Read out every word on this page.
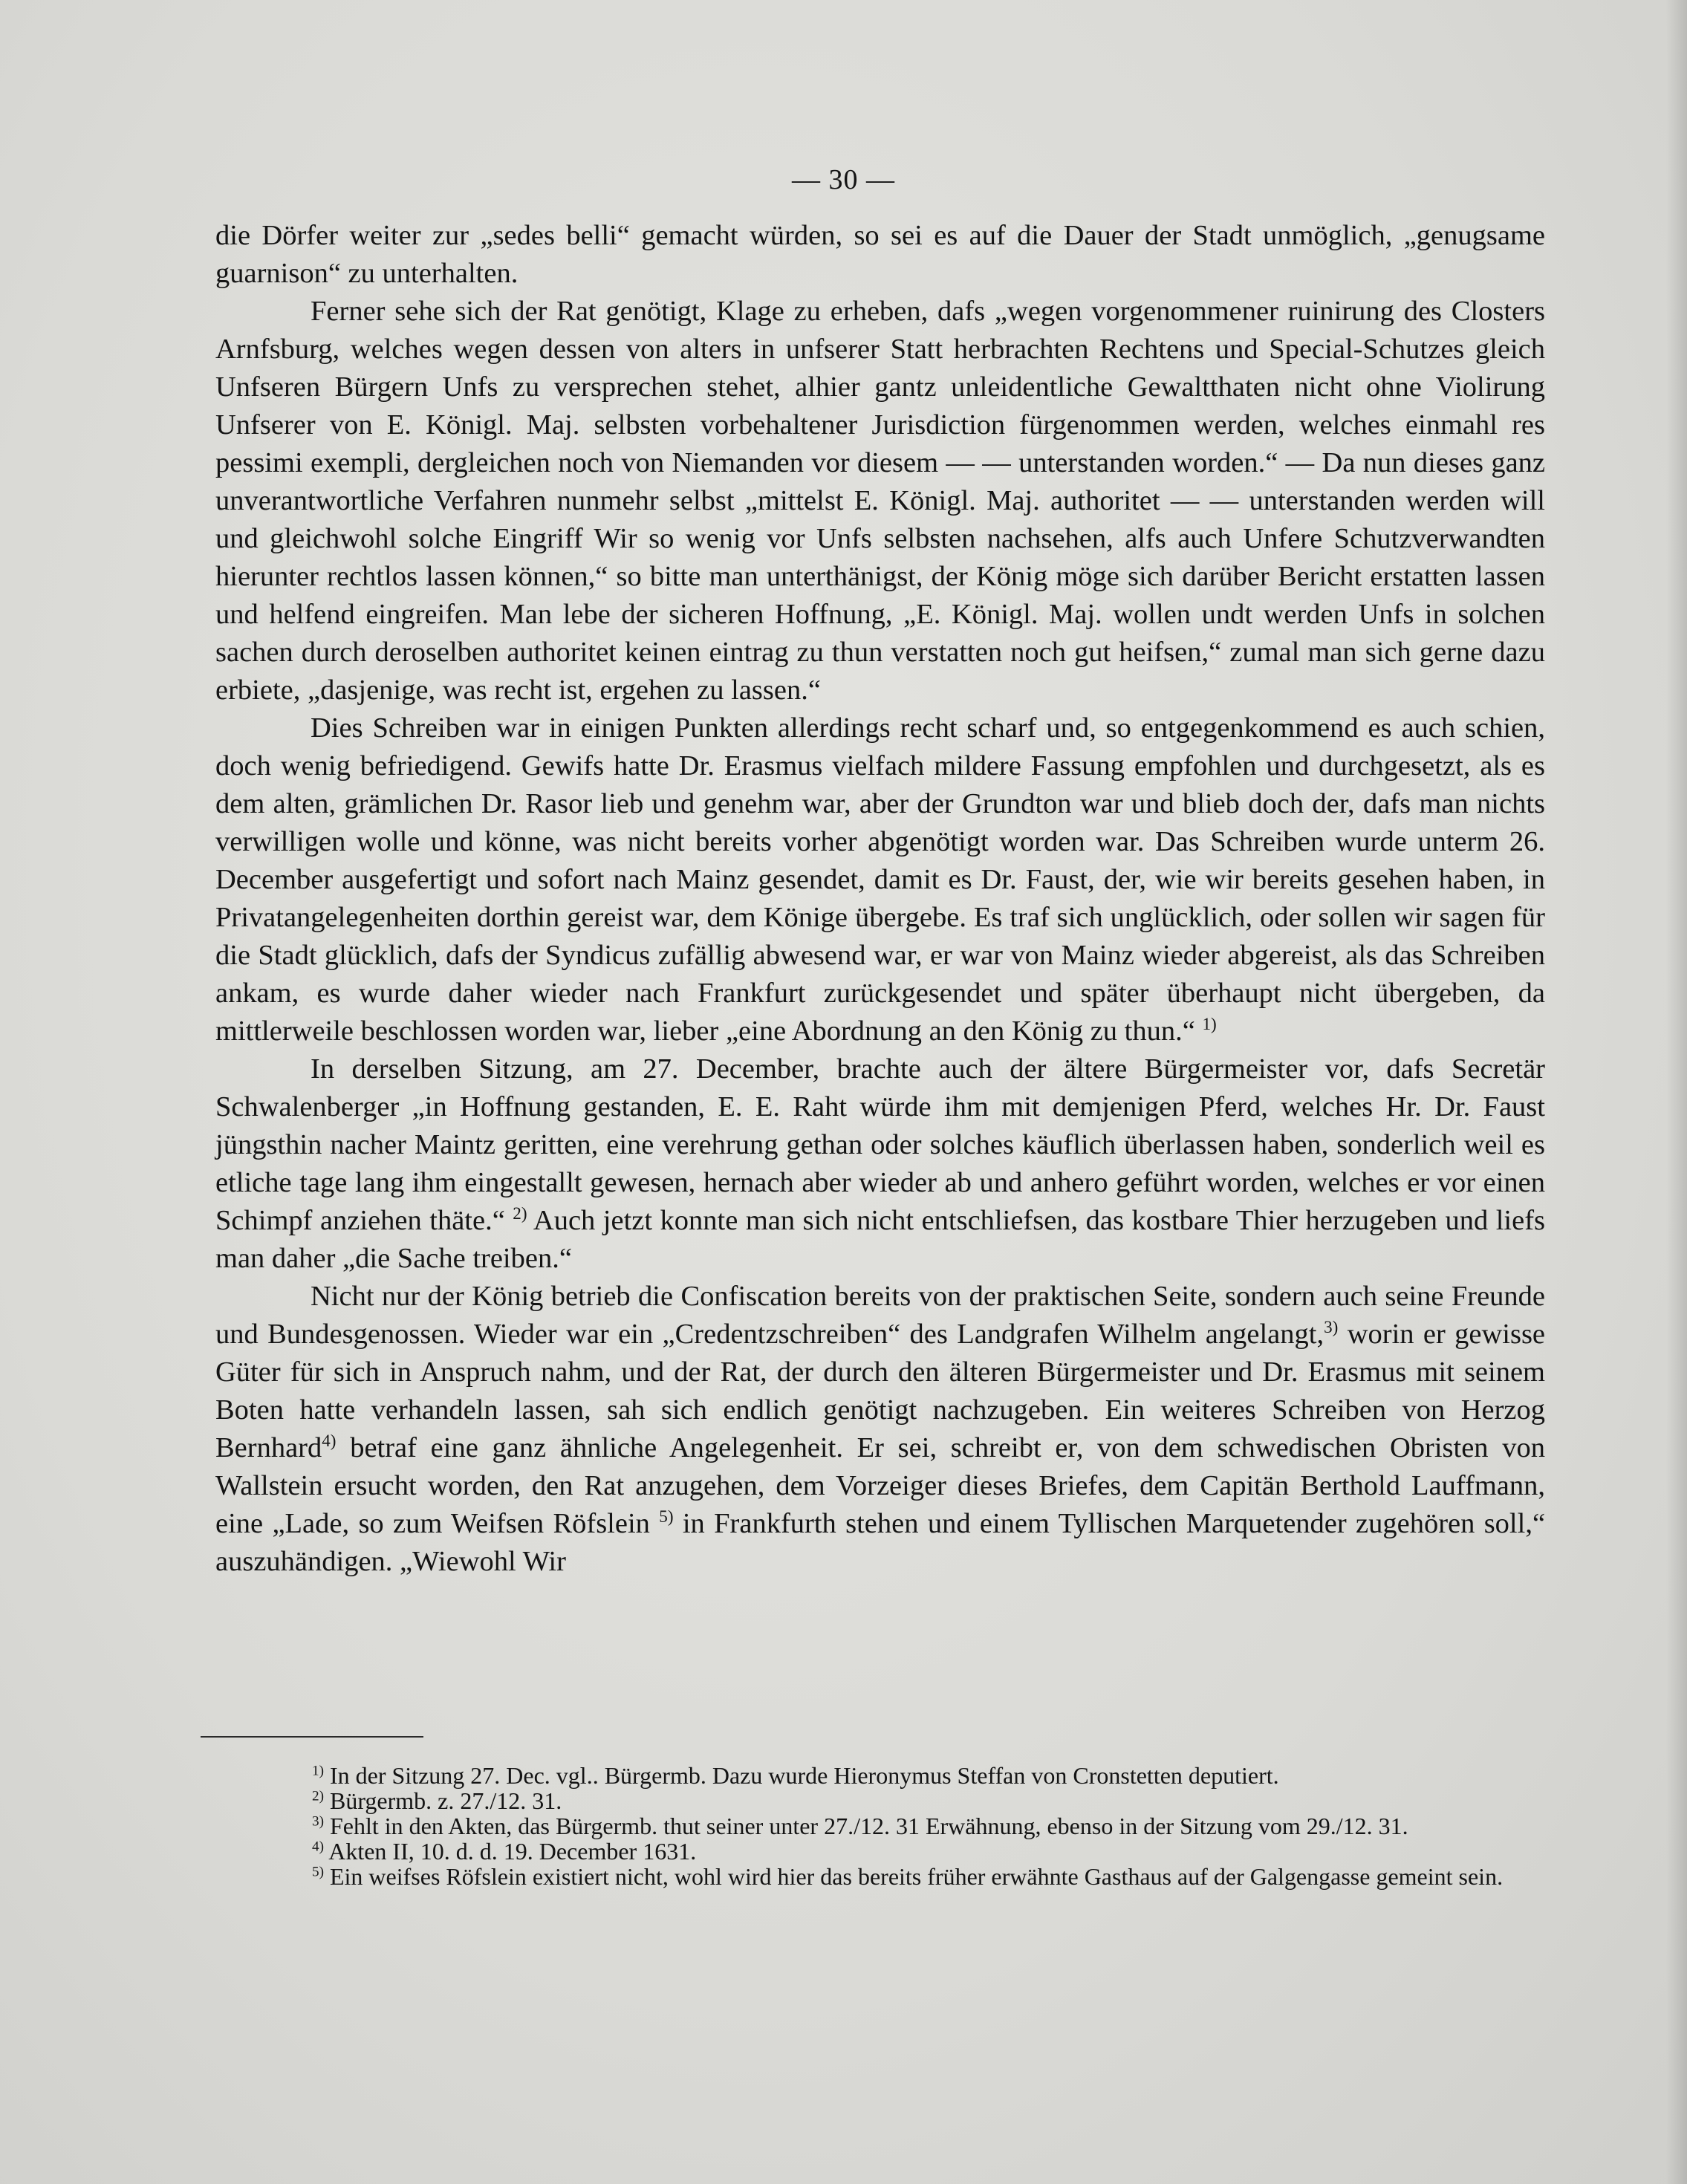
— 30 —

die Dörfer weiter zur „sedes belli“ gemacht würden, so sei es auf die Dauer der Stadt unmöglich, „genugsame guarnison“ zu unterhalten.

Ferner sehe sich der Rat genötigt, Klage zu erheben, dafs „wegen vorgenommener ruinirung des Closters Arnfsburg, welches wegen dessen von alters in unfserer Statt herbrachten Rechtens und Special-Schutzes gleich Unfseren Bürgern Unfs zu versprechen stehet, alhier gantz unleidentliche Gewaltthaten nicht ohne Violirung Unfserer von E. Königl. Maj. selbsten vorbehaltener Jurisdiction fürgenommen werden, welches einmahl res pessimi exempli, dergleichen noch von Niemanden vor diesem — — unterstanden worden.“ — Da nun dieses ganz unverantwortliche Verfahren nunmehr selbst „mittelst E. Königl. Maj. authoritet — — unterstanden werden will und gleichwohl solche Eingriff Wir so wenig vor Unfs selbsten nachsehen, alfs auch Unfere Schutzverwandten hierunter rechtlos lassen können,“ so bitte man unterthänigst, der König möge sich darüber Bericht erstatten lassen und helfend eingreifen. Man lebe der sicheren Hoffnung, „E. Königl. Maj. wollen undt werden Unfs in solchen sachen durch deroselben authoritet keinen eintrag zu thun verstatten noch gut heifsen,“ zumal man sich gerne dazu erbiete, „dasjenige, was recht ist, ergehen zu lassen.“

Dies Schreiben war in einigen Punkten allerdings recht scharf und, so entgegenkommend es auch schien, doch wenig befriedigend. Gewifs hatte Dr. Erasmus vielfach mildere Fassung empfohlen und durchgesetzt, als es dem alten, grämlichen Dr. Rasor lieb und genehm war, aber der Grundton war und blieb doch der, dafs man nichts verwilligen wolle und könne, was nicht bereits vorher abgenötigt worden war. Das Schreiben wurde unterm 26. December ausgefertigt und sofort nach Mainz gesendet, damit es Dr. Faust, der, wie wir bereits gesehen haben, in Privatangelegenheiten dorthin gereist war, dem Könige übergebe. Es traf sich unglücklich, oder sollen wir sagen für die Stadt glücklich, dafs der Syndicus zufällig abwesend war, er war von Mainz wieder abgereist, als das Schreiben ankam, es wurde daher wieder nach Frankfurt zurückgesendet und später überhaupt nicht übergeben, da mittlerweile beschlossen worden war, lieber „eine Abordnung an den König zu thun.“ $^{1)}$

In derselben Sitzung, am 27. December, brachte auch der ältere Bürgermeister vor, dafs Secretär Schwalenberger „in Hoffnung gestanden, E. E. Raht würde ihm mit demjenigen Pferd, welches Hr. Dr. Faust jüngsthin nacher Maintz geritten, eine verehrung gethan oder solches käuflich überlassen haben, sonderlich weil es etliche tage lang ihm eingestallt gewesen, hernach aber wieder ab und anhero geführt worden, welches er vor einen Schimpf anziehen thäte.“ $^{2)}$ Auch jetzt konnte man sich nicht entschliefsen, das kostbare Thier herzugeben und liefs man daher „die Sache treiben.“

Nicht nur der König betrieb die Confiscation bereits von der praktischen Seite, sondern auch seine Freunde und Bundesgenossen. Wieder war ein „Credentzschreiben“ des Landgrafen Wilhelm angelangt,$^{3)}$ worin er gewisse Güter für sich in Anspruch nahm, und der Rat, der durch den älteren Bürgermeister und Dr. Erasmus mit seinem Boten hatte verhandeln lassen, sah sich endlich genötigt nachzugeben. Ein weiteres Schreiben von Herzog Bernhard$^{4)}$ betraf eine ganz ähnliche Angelegenheit. Er sei, schreibt er, von dem schwedischen Obristen von Wallstein ersucht worden, den Rat anzugehen, dem Vorzeiger dieses Briefes, dem Capitän Berthold Lauffmann, eine „Lade, so zum Weifsen Röfslein $^{5)}$ in Frankfurth stehen und einem Tyllischen Marquetender zugehören soll,“ auszuhändigen. „Wiewohl Wir

$^{1)}$ In der Sitzung 27. Dec. vgl.. Bürgermb. Dazu wurde Hieronymus Steffan von Cronstetten deputiert.

$^{2)}$ Bürgermb. z. 27./12. 31.

$^{3)}$ Fehlt in den Akten, das Bürgermb. thut seiner unter 27./12. 31 Erwähnung, ebenso in der Sitzung vom 29./12. 31.

$^{4)}$ Akten II, 10. d. d. 19. December 1631.

$^{5)}$ Ein weifses Röfslein existiert nicht, wohl wird hier das bereits früher erwähnte Gasthaus auf der Galgengasse gemeint sein.
